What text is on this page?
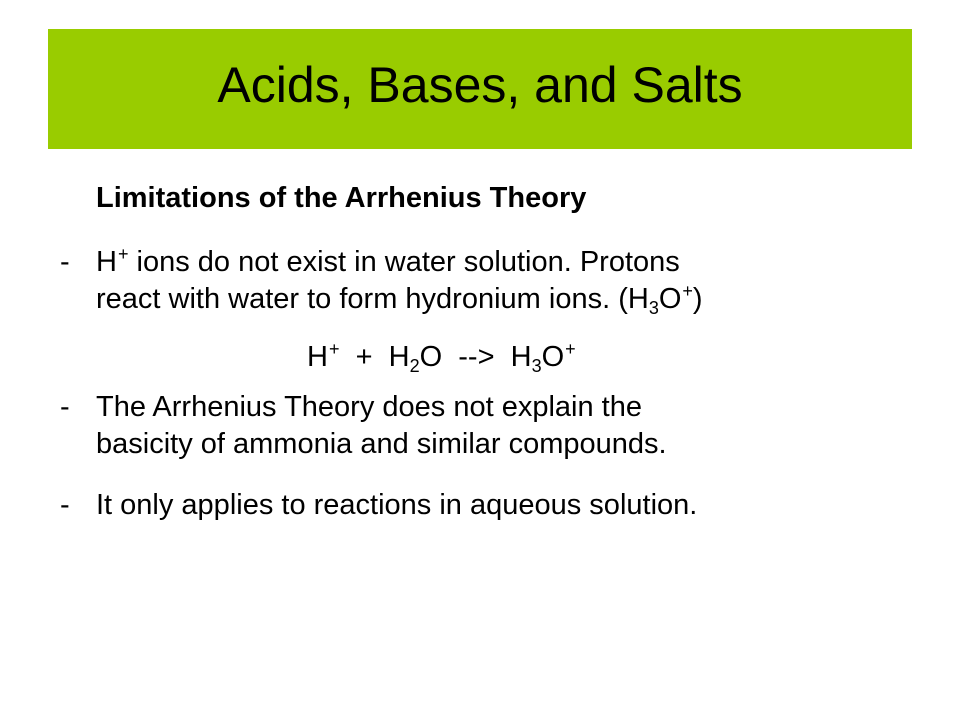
Acids, Bases, and Salts
Limitations of the Arrhenius Theory
- H+ ions do not exist in water solution. Protons
react with water to form hydronium ions. $(H_3O^+)$
$H^+ + H_2O$  -->  $H_3O^+$
- The Arrhenius Theory does not explain the
basicity of ammonia and similar compounds.
- It only applies to reactions in aqueous solution.
